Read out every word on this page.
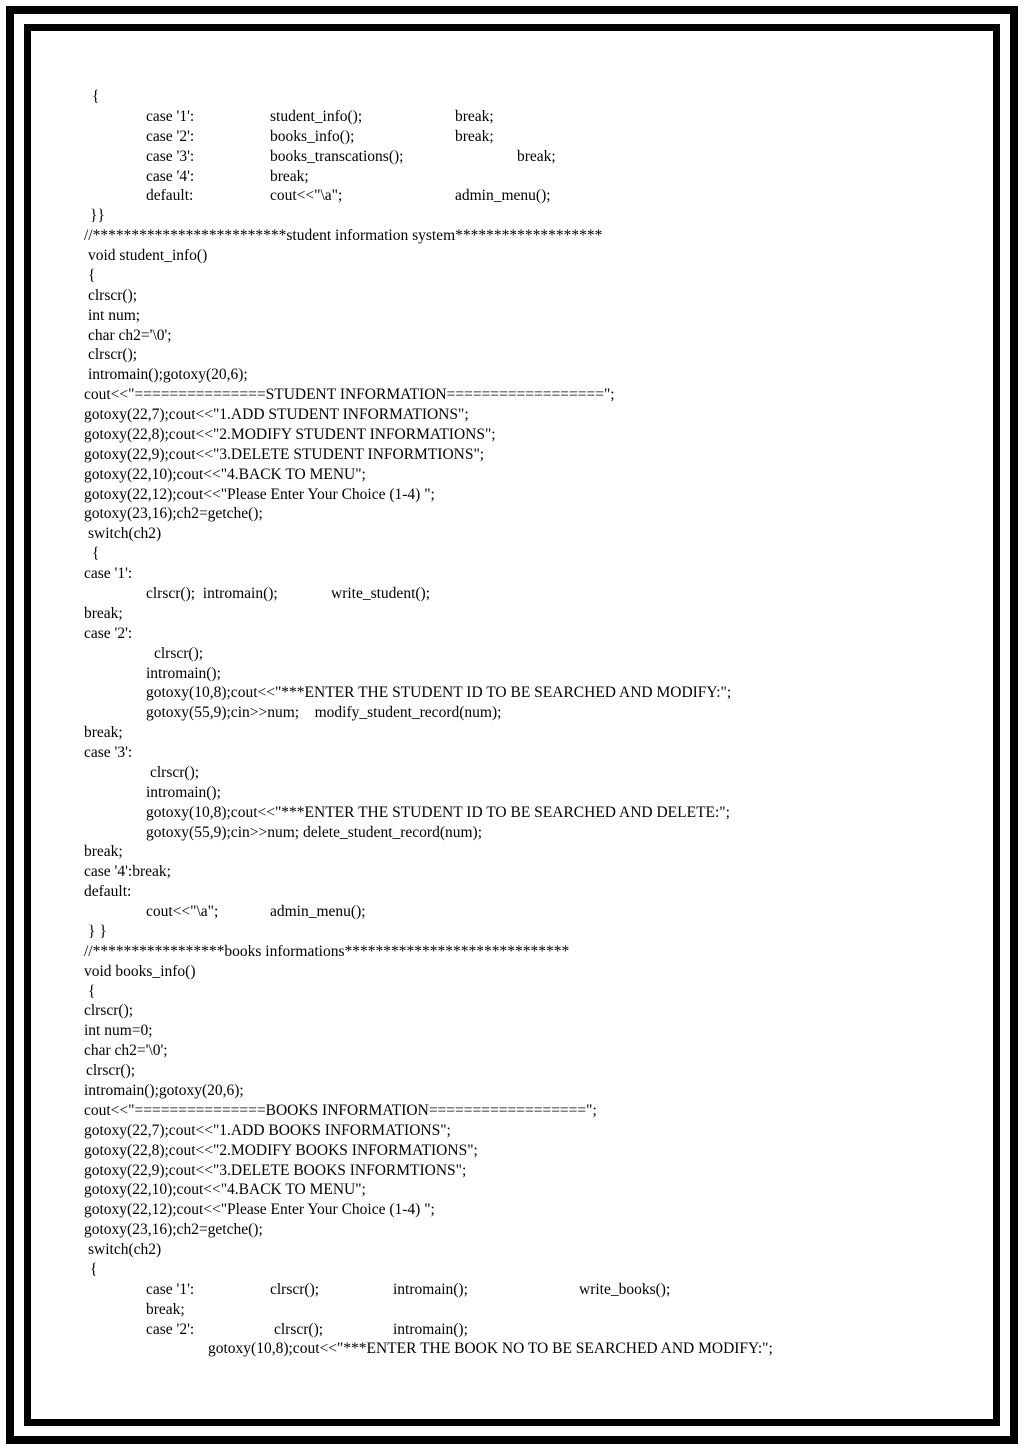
{
case '1':	student_info();	break;
case '2':	books_info();	break;
case '3':	books_transcations();	break;
case '4':	break;
default:	cout<<"\a";	admin_menu();
}}
//*************************student information system*******************
void student_info()
{
clrscr();
int num;
char ch2='\0';
clrscr();
intromain();gotoxy(20,6);
cout<<"===============STUDENT INFORMATION==================";
gotoxy(22,7);cout<<"1.ADD STUDENT INFORMATIONS";
gotoxy(22,8);cout<<"2.MODIFY STUDENT INFORMATIONS";
gotoxy(22,9);cout<<"3.DELETE STUDENT INFORMTIONS";
gotoxy(22,10);cout<<"4.BACK TO MENU";
gotoxy(22,12);cout<<"Please Enter Your Choice (1-4) ";
gotoxy(23,16);ch2=getche();
switch(ch2)
{
case '1':
clrscr();  intromain();	write_student();
break;
case '2':
clrscr();
intromain();
gotoxy(10,8);cout<<"***ENTER THE STUDENT ID TO BE SEARCHED AND MODIFY:";
gotoxy(55,9);cin>>num;    modify_student_record(num);
break;
case '3':
clrscr();
intromain();
gotoxy(10,8);cout<<"***ENTER THE STUDENT ID TO BE SEARCHED AND DELETE:";
gotoxy(55,9);cin>>num; delete_student_record(num);
break;
case '4':break;
default:
cout<<"\a";	admin_menu();
} }
//*****************books informations*****************************
void books_info()
{
clrscr();
int num=0;
char ch2='\0';
clrscr();
intromain();gotoxy(20,6);
cout<<"===============BOOKS INFORMATION==================";
gotoxy(22,7);cout<<"1.ADD BOOKS INFORMATIONS";
gotoxy(22,8);cout<<"2.MODIFY BOOKS INFORMATIONS";
gotoxy(22,9);cout<<"3.DELETE BOOKS INFORMTIONS";
gotoxy(22,10);cout<<"4.BACK TO MENU";
gotoxy(22,12);cout<<"Please Enter Your Choice (1-4) ";
gotoxy(23,16);ch2=getche();
switch(ch2)
{
case '1':	clrscr();	intromain();	write_books();
break;
case '2':	clrscr();	intromain();
gotoxy(10,8);cout<<"***ENTER THE BOOK NO TO BE SEARCHED AND MODIFY:";
